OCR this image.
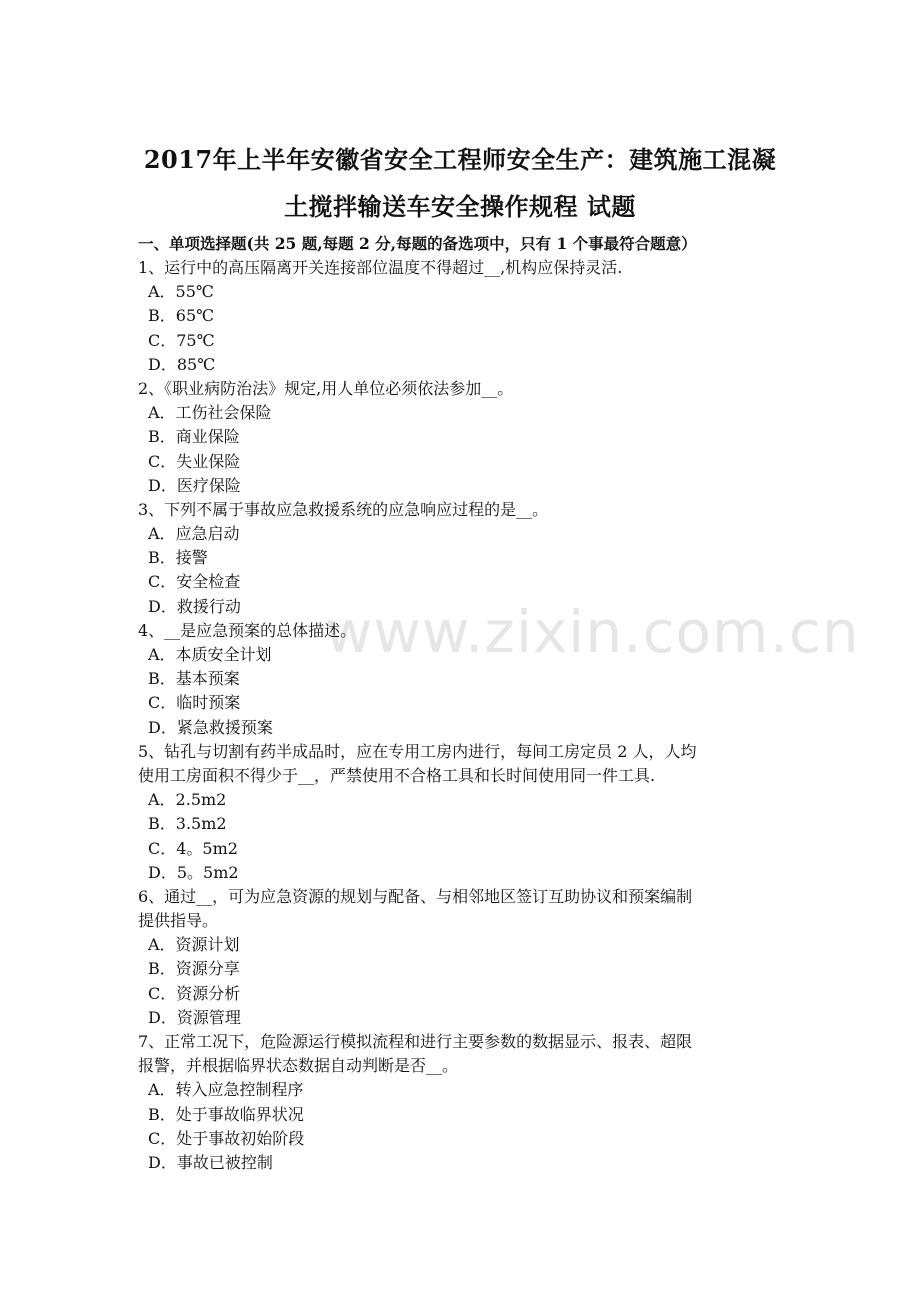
www.zixin.com.cn
2017年上半年安徽省安全工程师安全生产：建筑施工混凝
土搅拌输送车安全操作规程 试题
一、单项选择题(共 25 题,每题 2 分,每题的备选项中，只有 1 个事最符合题意）
1、运行中的高压隔离开关连接部位温度不得超过__,机构应保持灵活.
A．55℃
B．65℃
C．75℃
D．85℃
2、《职业病防治法》规定,用人单位必须依法参加__。
A．工伤社会保险
B．商业保险
C．失业保险
D．医疗保险
3、下列不属于事故应急救援系统的应急响应过程的是__。
A．应急启动
B．接警
C．安全检查
D．救援行动
4、__是应急预案的总体描述。
A．本质安全计划
B．基本预案
C．临时预案
D．紧急救援预案
5、钻孔与切割有药半成品时，应在专用工房内进行，每间工房定员 2 人，人均
使用工房面积不得少于__，严禁使用不合格工具和长时间使用同一件工具.
A．2.5m2
B．3.5m2
C．4。5m2
D．5。5m2
6、通过__，可为应急资源的规划与配备、与相邻地区签订互助协议和预案编制
提供指导。
A．资源计划
B．资源分享
C．资源分析
D．资源管理
7、正常工况下，危险源运行模拟流程和进行主要参数的数据显示、报表、超限
报警，并根据临界状态数据自动判断是否__。
A．转入应急控制程序
B．处于事故临界状况
C．处于事故初始阶段
D．事故已被控制
